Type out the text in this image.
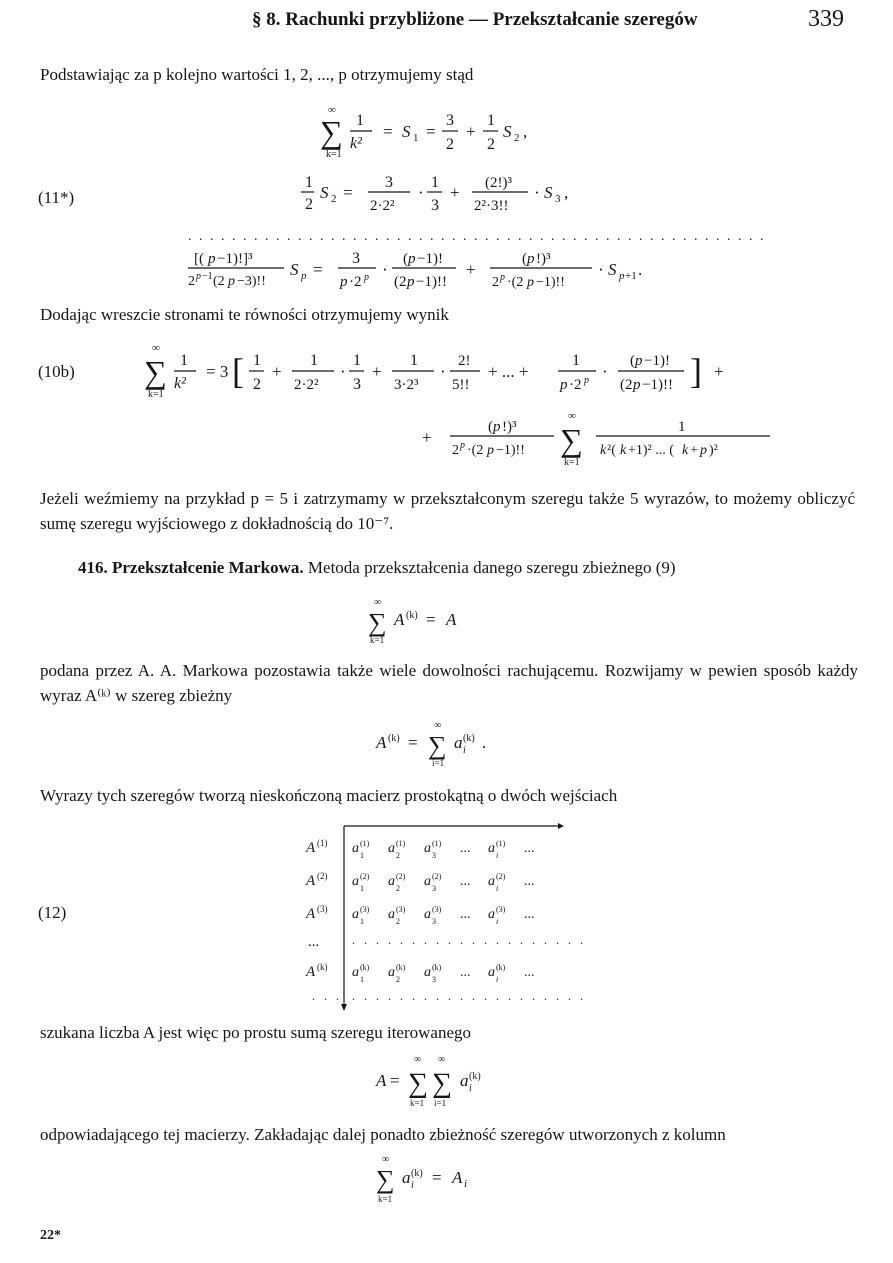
§ 8. Rachunki przybliżone — Przekształcanie szeregów	339
Podstawiając za p kolejno wartości 1, 2, ..., p otrzymujemy stąd
(11*)
∞
∑
k=1
1
k²
= S 1 =
3
2
+
1
2
S 2 ,
1
2
S 2 =
3
2·2²
·
1
3
+ (2!)³
2²·3!!
· S 3 ,
. . . . . . . . . . . . . . . . . . . . . . . . . . . . . . . . . . . . . . . . . . . . . . . . . . . . .
[( p −1)!]³
2 p −1 (2 p −3)!!
S p =
3
p ·2 p ·
( p −1)!
(2 p −1)!!
+
( p !)³
2 p ·(2 p −1)!!
· S p +1 .
Dodając wreszcie stronami te równości otrzymujemy wynik
(10b)
∞
∑
k=1
1
k²
= 3 [ 1
2
+
1
2·2²
·
1
3
+
1
3·2³
·
2!
5!!
+ ... +
1
p ·2 p ·
( p −1)!
(2 p −1)!! ] +
+
( p !)³
2 p ·(2 p −1)!!
∞
∑
k=1
1
k ²( k +1)² ... ( k + p )²
Jeżeli weźmiemy na przykład p = 5 i zatrzymamy w przekształconym szeregu także 5 wyrazów, to możemy obliczyć sumę szeregu wyjściowego z dokładnością do 10⁻⁷.
416. Przekształcenie Markowa. Metoda przekształcenia danego szeregu zbieżnego (9)
∞
∑
k=1
A (k) = A
podana przez A. A. Markowa pozostawia także wiele dowolności rachującemu. Rozwijamy w pewien sposób każdy wyraz A⁽ᵏ⁾ w szereg zbieżny
∞
∑
i=1
A (k) = a (k)
i .
Wyrazy tych szeregów tworzą nieskończoną macierz prostokątną o dwóch wejściach
(12)
A (1)
A (2)
A (3)
...
A (k)
a (1)
1 a (1)
2 a (1)
3 ... a (1)
i ...
a (2)
1 a (2)
2 a (2)
3 ... a (2)
i ...
a (3)
1 a (3)
2 a (3)
3 ... a (3)
i ...
. . . . . . . . . . . . . . . . . . . .
a (k)
1 a (k)
2 a (k)
3 ... a (k)
i ...
. . . . . . . . . . . . . . . . . . . . . . .
szukana liczba A jest więc po prostu sumą szeregu iterowanego
A =
∞
∑
k=1
∞
∑
i=1
a (k)
i
odpowiadającego tej macierzy. Zakładając dalej ponadto zbieżność szeregów utworzonych z kolumn
∞
∑
k=1
a (k)
i = A i
22*
